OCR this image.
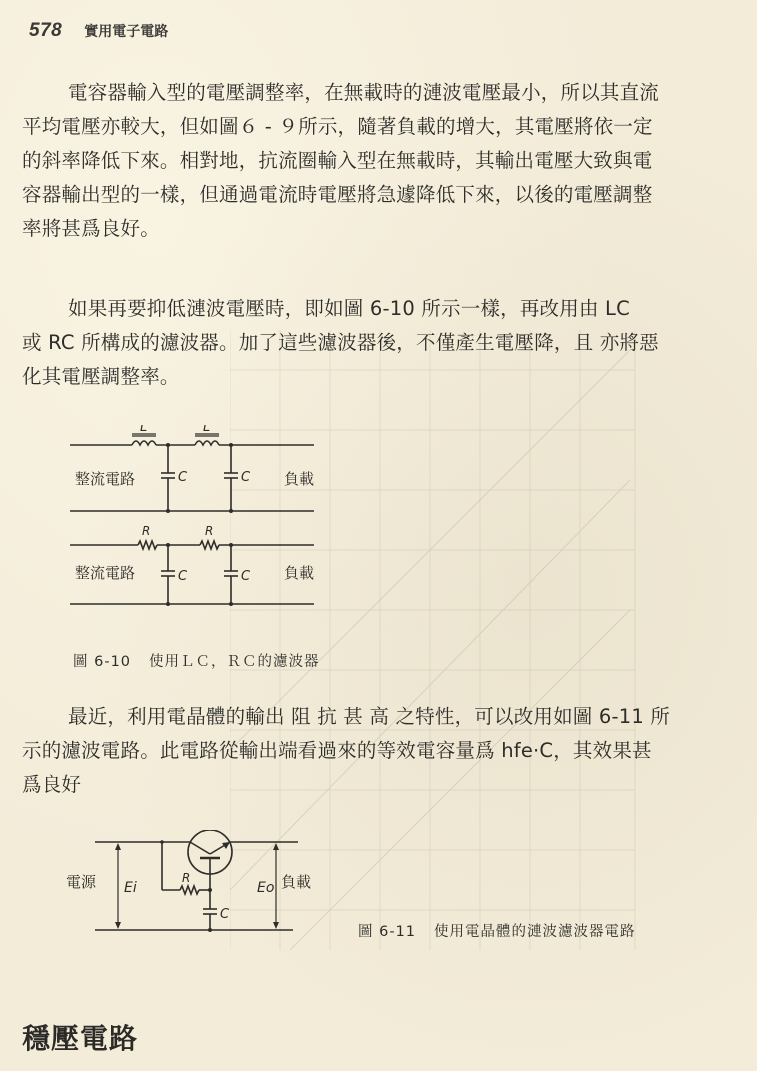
578 實用電子電路
電容器輸入型的電壓調整率，在無載時的漣波電壓最小，所以其直流
平均電壓亦較大，但如圖６ - ９所示，隨著負載的增大，其電壓將依一定
的斜率降低下來。相對地，抗流圈輸入型在無載時，其輸出電壓大致與電
容器輸出型的一樣，但通過電流時電壓將急遽降低下來，以後的電壓調整
率將甚爲良好。
如果再要抑低漣波電壓時，即如圖 6-10 所示一樣，再改用由 LC
或 RC 所構成的濾波器。加了這些濾波器後，不僅產生電壓降，且 亦將惡
化其電壓調整率。
L	L
C	C
整流電路	負載
R	R
C	C
整流電路	負載
圖 6-10 使用ＬＣ，ＲＣ的濾波器
最近，利用電晶體的輸出 阻 抗 甚 高 之特性，可以改用如圖 6-11 所
示的濾波電路。此電路從輸出端看過來的等效電容量爲 hfe·C，其效果甚
爲良好
電源 Ei
R
C
Eo 負載
圖 6-11 使用電晶體的漣波濾波器電路
穩壓電路
